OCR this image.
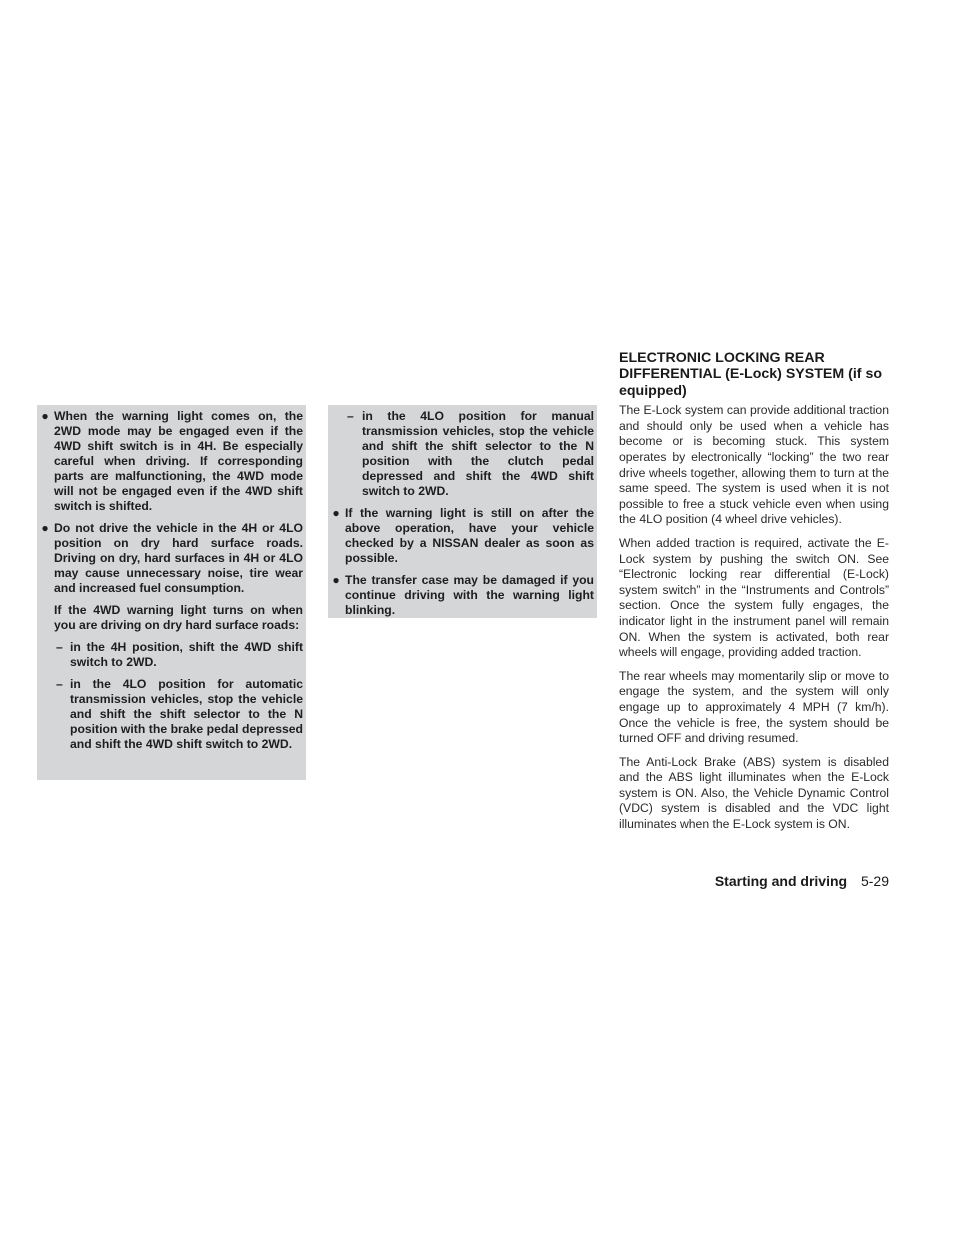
● When the warning light comes on, the 2WD mode may be engaged even if the 4WD shift switch is in 4H. Be especially careful when driving. If corresponding parts are malfunctioning, the 4WD mode will not be engaged even if the 4WD shift switch is shifted.
● Do not drive the vehicle in the 4H or 4LO position on dry hard surface roads. Driving on dry, hard surfaces in 4H or 4LO may cause unnecessary noise, tire wear and increased fuel consumption.
If the 4WD warning light turns on when you are driving on dry hard surface roads:
– in the 4H position, shift the 4WD shift switch to 2WD.
– in the 4LO position for automatic transmission vehicles, stop the vehicle and shift the shift selector to the N position with the brake pedal depressed and shift the 4WD shift switch to 2WD.
– in the 4LO position for manual transmission vehicles, stop the vehicle and shift the shift selector to the N position with the clutch pedal depressed and shift the 4WD shift switch to 2WD.
● If the warning light is still on after the above operation, have your vehicle checked by a NISSAN dealer as soon as possible.
● The transfer case may be damaged if you continue driving with the warning light blinking.
ELECTRONIC LOCKING REAR DIFFERENTIAL (E-Lock) SYSTEM (if so equipped)

The E-Lock system can provide additional traction and should only be used when a vehicle has become or is becoming stuck. This system operates by electronically “locking” the two rear drive wheels together, allowing them to turn at the same speed. The system is used when it is not possible to free a stuck vehicle even when using the 4LO position (4 wheel drive vehicles).

When added traction is required, activate the E-Lock system by pushing the switch ON. See “Electronic locking rear differential (E-Lock) system switch” in the “Instruments and Controls” section. Once the system fully engages, the indicator light in the instrument panel will remain ON. When the system is activated, both rear wheels will engage, providing added traction.

The rear wheels may momentarily slip or move to engage the system, and the system will only engage up to approximately 4 MPH (7 km/h). Once the vehicle is free, the system should be turned OFF and driving resumed.

The Anti-Lock Brake (ABS) system is disabled and the ABS light illuminates when the E-Lock system is ON. Also, the Vehicle Dynamic Control (VDC) system is disabled and the VDC light illuminates when the E-Lock system is ON.

Starting and driving 5-29
